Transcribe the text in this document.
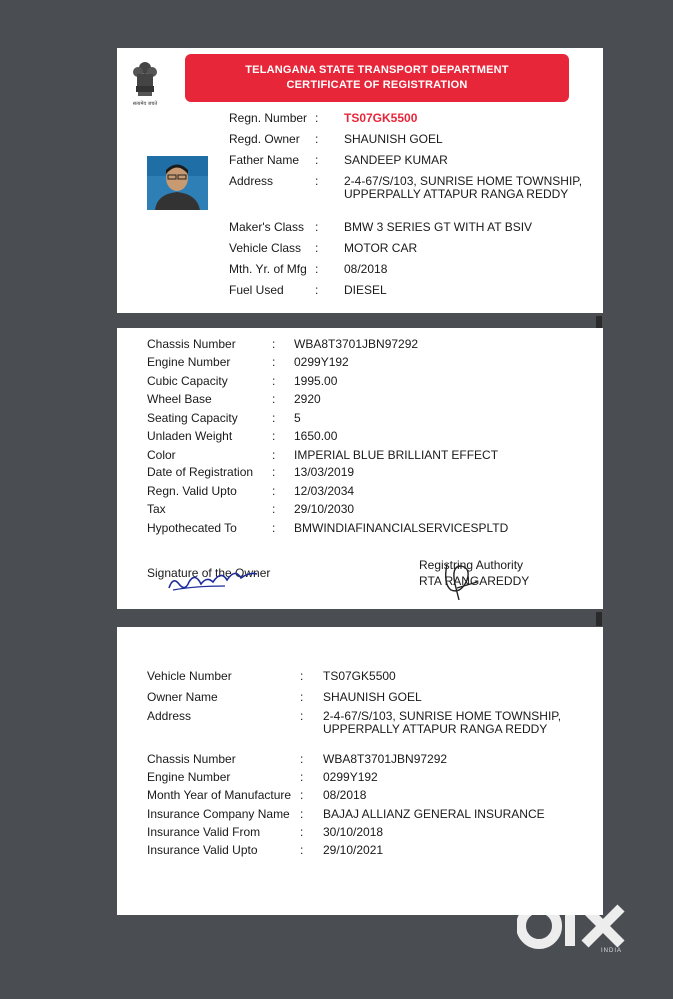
सत्यमेव जयते
TELANGANA STATE TRANSPORT DEPARTMENT
CERTIFICATE OF REGISTRATION
Regn. Number : TS07GK5500
Regd. Owner : SHAUNISH GOEL
Father Name : SANDEEP KUMAR
Address	: 2-4-67/S/103, SUNRISE HOME TOWNSHIP,
UPPERPALLY ATTAPUR RANGA REDDY
Maker's Class : BMW 3 SERIES GT WITH AT BSIV
Vehicle Class : MOTOR CAR
Mth. Yr. of Mfg : 08/2018
Fuel Used	: DIESEL
Chassis Number	: WBA8T3701JBN97292
Engine Number	: 0299Y192
Cubic Capacity	: 1995.00
Wheel Base	: 2920
Seating Capacity	: 5
Unladen Weight	: 1650.00
Color	: IMPERIAL BLUE BRILLIANT EFFECT
Date of Registration : 13/03/2019
Regn. Valid Upto	: 12/03/2034
Tax	: 29/10/2030
Hypothecated To	: BMWINDIAFINANCIALSERVICESPLTD
Signature of the Owner
Registring Authority
RTA RANGAREDDY
Vehicle Number	: TS07GK5500
Owner Name	: SHAUNISH GOEL
Address	: 2-4-67/S/103, SUNRISE HOME TOWNSHIP,
UPPERPALLY ATTAPUR RANGA REDDY
Chassis Number	: WBA8T3701JBN97292
Engine Number	: 0299Y192
Month Year of Manufacture : 08/2018
Insurance Company Name : BAJAJ ALLIANZ GENERAL INSURANCE
Insurance Valid From	: 30/10/2018
Insurance Valid Upto	: 29/10/2021
INDIA
